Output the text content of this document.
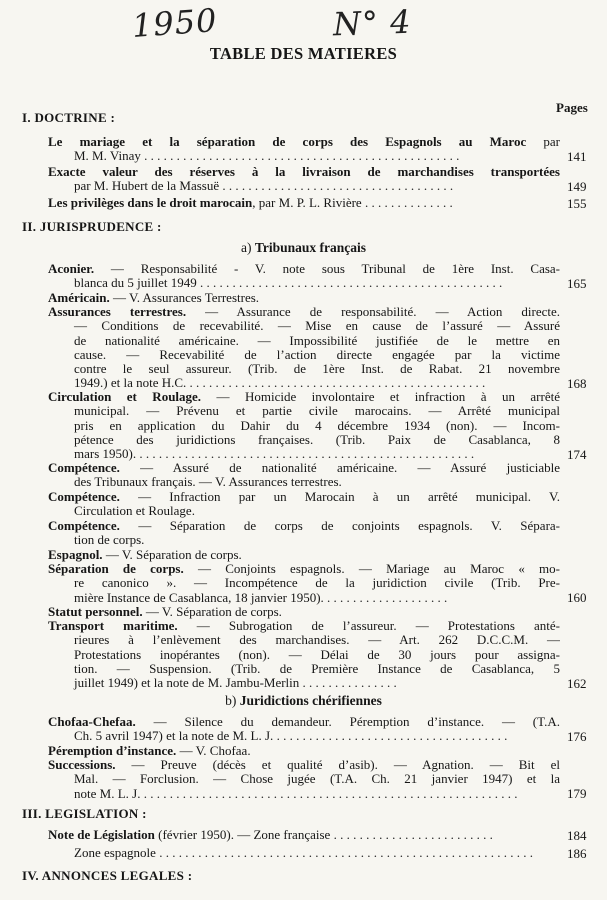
1950	N° 4
TABLE DES MATIERES
Pages
I. DOCTRINE :
Le mariage et la séparation de corps des Espagnols au Maroc par
M. M. Vinay . . . . . . . . . . . . . . . . . . . . . . . . . . . . . . . . . . . . . . . . . . . . . . . . .	141
Exacte valeur des réserves à la livraison de marchandises transportées
par M. Hubert de la Massuë . . . . . . . . . . . . . . . . . . . . . . . . . . . . . . . . . . . .	149
Les privilèges dans le droit marocain, par M. P. L. Rivière . . . . . . . . . . . . . .	155
II. JURISPRUDENCE :
a) Tribunaux français
Aconier. — Responsabilité - V. note sous Tribunal de 1ère Inst. Casa-
blanca du 5 juillet 1949 . . . . . . . . . . . . . . . . . . . . . . . . . . . . . . . . . . . . . . . . . . . . . . .	165
Américain. — V. Assurances Terrestres.
Assurances terrestres. — Assurance de responsabilité. — Action directe.
— Conditions de recevabilité. — Mise en cause de l’assuré — Assuré
de nationalité américaine. — Impossibilité justifiée de le mettre en
cause. — Recevabilité de l’action directe engagée par la victime
contre le seul assureur. (Trib. de 1ère Inst. de Rabat. 21 novembre
1949.) et la note H.C. . . . . . . . . . . . . . . . . . . . . . . . . . . . . . . . . . . . . . . . . . . . . . .	168
Circulation et Roulage. — Homicide involontaire et infraction à un arrêté
municipal. — Prévenu et partie civile marocains. — Arrêté municipal
pris en application du Dahir du 4 décembre 1934 (non). — Incom-
pétence des juridictions françaises. (Trib. Paix de Casablanca, 8
mars 1950). . . . . . . . . . . . . . . . . . . . . . . . . . . . . . . . . . . . . . . . . . . . . . . . . . . . .	174
Compétence. — Assuré de nationalité américaine. — Assuré justiciable
des Tribunaux français. — V. Assurances terrestres.
Compétence. — Infraction par un Marocain à un arrêté municipal. V.
Circulation et Roulage.
Compétence. — Séparation de corps de conjoints espagnols. V. Sépara-
tion de corps.
Espagnol. — V. Séparation de corps.
Séparation de corps. — Conjoints espagnols. — Mariage au Maroc « mo-
re canonico ». — Incompétence de la juridiction civile (Trib. Pre-
mière Instance de Casablanca, 18 janvier 1950). . . . . . . . . . . . . . . . . . . .	160
Statut personnel. — V. Séparation de corps.
Transport maritime. — Subrogation de l’assureur. — Protestations anté-
rieures à l’enlèvement des marchandises. — Art. 262 D.C.C.M. —
Protestations inopérantes (non). — Délai de 30 jours pour assigna-
tion. — Suspension. (Trib. de Première Instance de Casablanca, 5
juillet 1949) et la note de M. Jambu-Merlin . . . . . . . . . . . . . . .	162
b) Juridictions chérifiennes
Chofaa-Chefaa. — Silence du demandeur. Péremption d’instance. — (T.A.
Ch. 5 avril 1947) et la note de M. L. J. . . . . . . . . . . . . . . . . . . . . . . . . . . . . . . . . . . . .	176
Péremption d’instance. — V. Chofaa.
Successions. — Preuve (décès et qualité d’asib). — Agnation. — Bit el
Mal. — Forclusion. — Chose jugée (T.A. Ch. 21 janvier 1947) et la
note M. L. J. . . . . . . . . . . . . . . . . . . . . . . . . . . . . . . . . . . . . . . . . . . . . . . . . . . . . . . . . . .	179
III. LEGISLATION :
Note de Législation (février 1950). — Zone française . . . . . . . . . . . . . . . . . . . . . . . . .	184
Zone espagnole . . . . . . . . . . . . . . . . . . . . . . . . . . . . . . . . . . . . . . . . . . . . . . . . . . . . . . . . . .	186
IV. ANNONCES LEGALES :
